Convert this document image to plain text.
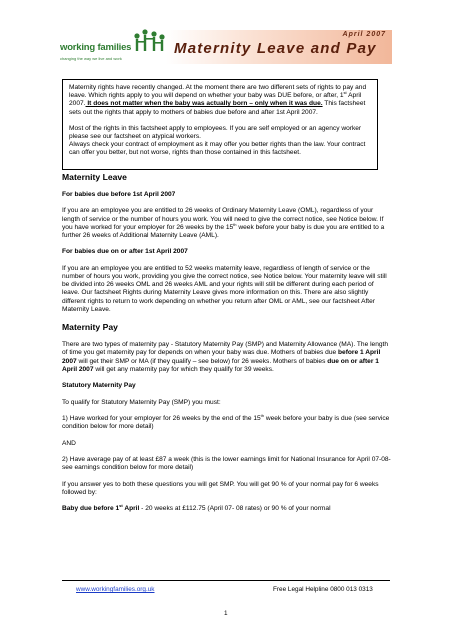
working families
changing the way we live and work
April 2007
Maternity Leave and Pay

Maternity rights have recently changed. At the moment there are two different sets of rights to pay and leave. Which rights apply to you will depend on whether your baby was DUE before, or after, 1st April 2007. It does not matter when the baby was actually born – only when it was due. This factsheet sets out the rights that apply to mothers of babies due before and after 1st April 2007.

Most of the rights in this factsheet apply to employees. If you are self employed or an agency worker please see our factsheet on atypical workers.
Always check your contract of employment as it may offer you better rights than the law. Your contract can offer you better, but not worse, rights than those contained in this factsheet.

Maternity Leave

For babies due before 1st April 2007

If you are an employee you are entitled to 26 weeks of Ordinary Maternity Leave (OML), regardless of your length of service or the number of hours you work. You will need to give the correct notice, see Notice below. If you have worked for your employer for 26 weeks by the 15th week before your baby is due you are entitled to a further 26 weeks of Additional Maternity Leave (AML).

For babies due on or after 1st April 2007

If you are an employee you are entitled to 52 weeks maternity leave, regardless of length of service or the number of hours you work, providing you give the correct notice, see Notice below. Your maternity leave will still be divided into 26 weeks OML and 26 weeks AML and your rights will still be different during each period of leave. Our factsheet Rights during Maternity Leave gives more information on this. There are also slightly different rights to return to work depending on whether you return after OML or AML, see our factsheet After Maternity Leave.

Maternity Pay

There are two types of maternity pay - Statutory Maternity Pay (SMP) and Maternity Allowance (MA). The length of time you get maternity pay for depends on when your baby was due. Mothers of babies due before 1 April 2007 will get their SMP or MA (if they qualify – see below) for 26 weeks. Mothers of babies due on or after 1 April 2007 will get any maternity pay for which they qualify for 39 weeks.

Statutory Maternity Pay

To qualify for Statutory Maternity Pay (SMP) you must:

1) Have worked for your employer for 26 weeks by the end of the 15th week before your baby is due (see service condition below for more detail)

AND

2) Have average pay of at least £87 a week (this is the lower earnings limit for National Insurance for April 07-08- see earnings condition below for more detail)

If you answer yes to both these questions you will get SMP. You will get 90 % of your normal pay for 6 weeks followed by:

Baby due before 1st April - 20 weeks at £112.75 (April 07- 08 rates) or 90 % of your normal

www.workingfamilies.org.uk	Free Legal Helpline 0800 013 0313
1
